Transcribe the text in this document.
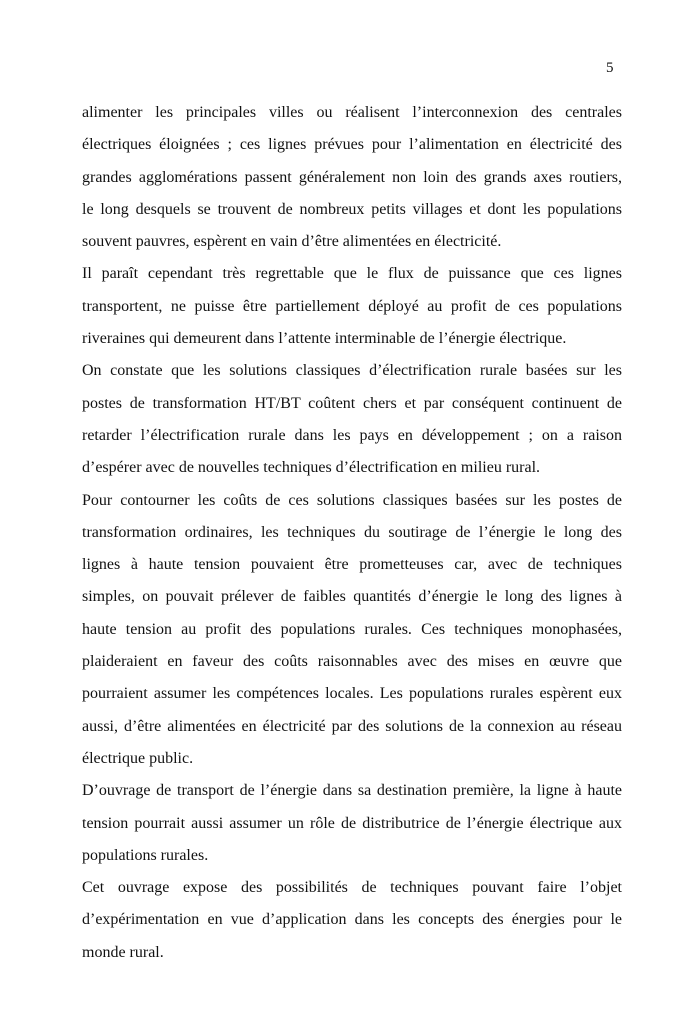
5
alimenter les principales villes ou réalisent l’interconnexion des centrales
électriques éloignées ; ces lignes prévues pour l’alimentation en électricité des
grandes agglomérations passent généralement non loin des grands axes routiers,
le long desquels se trouvent de nombreux petits villages et dont les populations
souvent pauvres, espèrent en vain d’être alimentées en électricité.
Il paraît cependant très regrettable que le flux de puissance que ces lignes
transportent, ne puisse être partiellement déployé au profit de ces populations
riveraines qui demeurent dans l’attente interminable de l’énergie électrique.
On constate que les solutions classiques d’électrification rurale basées sur les
postes de transformation HT/BT coûtent chers et par conséquent continuent de
retarder l’électrification rurale dans les pays en développement ; on a raison
d’espérer avec de nouvelles techniques d’électrification en milieu rural.
Pour contourner les coûts de ces solutions classiques basées sur les postes de
transformation ordinaires, les techniques du soutirage de l’énergie le long des
lignes à haute tension pouvaient être prometteuses car, avec de techniques
simples, on pouvait prélever de faibles quantités d’énergie le long des lignes à
haute tension au profit des populations rurales. Ces techniques monophasées,
plaideraient en faveur des coûts raisonnables avec des mises en œuvre que
pourraient assumer les compétences locales. Les populations rurales espèrent eux
aussi, d’être alimentées en électricité par des solutions de la connexion au réseau
électrique public.
D’ouvrage de transport de l’énergie dans sa destination première, la ligne à haute
tension pourrait aussi assumer un rôle de distributrice de l’énergie électrique aux
populations rurales.
Cet ouvrage expose des possibilités de techniques pouvant faire l’objet
d’expérimentation en vue d’application dans les concepts des énergies pour le
monde rural.
